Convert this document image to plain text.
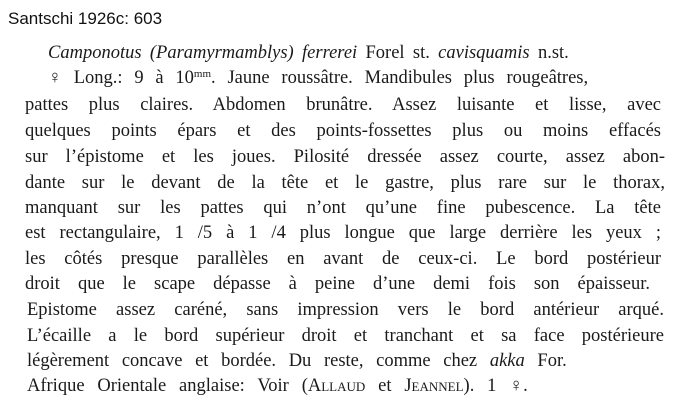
Santschi 1926c: 603
Camponotus (Paramyrmamblys) ferrerei Forel st. cavisquamis n.st.
♀ Long.: 9 à $10^{mm}$. Jaune roussâtre. Mandibules plus rougeâtres,
pattes plus claires. Abdomen brunâtre. Assez luisante et lisse, avec
quelques points épars et des points-fossettes plus ou moins effacés
sur l’épistome et les joues. Pilosité dressée assez courte, assez abon-
dante sur le devant de la tête et le gastre, plus rare sur le thorax,
manquant sur les pattes qui n’ont qu’une fine pubescence. La tête
est rectangulaire, 1 /5 à 1 /4 plus longue que large derrière les yeux ;
les côtés presque parallèles en avant de ceux-ci. Le bord postérieur
droit que le scape dépasse à peine d’une demi fois son épaisseur.
Epistome assez caréné, sans impression vers le bord antérieur arqué.
L’écaille a le bord supérieur droit et tranchant et sa face postérieure
légèrement concave et bordée. Du reste, comme chez akka For.
Afrique Orientale anglaise: Voir (Allaud et Jeannel). 1 ♀.
